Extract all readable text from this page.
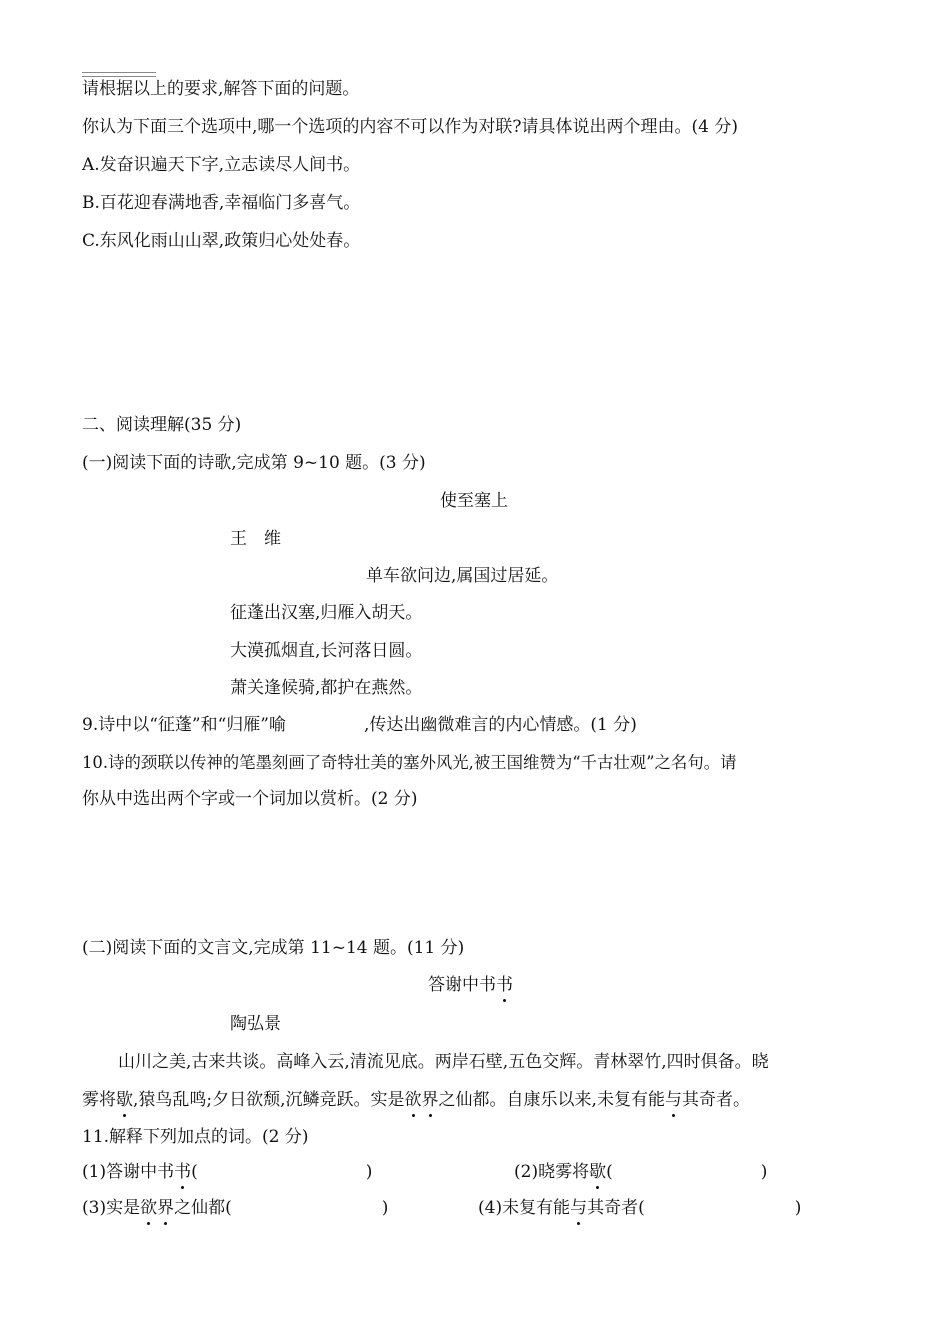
请根据以上的要求,解答下面的问题。
你认为下面三个选项中,哪一个选项的内容不可以作为对联?请具体说出两个理由。(4 分)
A.发奋识遍天下字,立志读尽人间书。
B.百花迎春满地香,幸福临门多喜气。
C.东风化雨山山翠,政策归心处处春。
二、阅读理解(35 分)
(一)阅读下面的诗歌,完成第 9~10 题。(3 分)
使至塞上
王　维
单车欲问边,属国过居延。
征蓬出汉塞,归雁入胡天。
大漠孤烟直,长河落日圆。
萧关逢候骑,都护在燕然。
9.诗中以“征蓬”和“归雁”喻	,传达出幽微难言的内心情感。(1 分)
10.诗的颈联以传神的笔墨刻画了奇特壮美的塞外风光,被王国维赞为“千古壮观”之名句。请
你从中选出两个字或一个词加以赏析。(2 分)
(二)阅读下面的文言文,完成第 11~14 题。(11 分)
答谢中书书
陶弘景
山川之美,古来共谈。高峰入云,清流见底。两岸石壁,五色交辉。青林翠竹,四时俱备。晓
雾将歇,猿鸟乱鸣;夕日欲颓,沉鳞竞跃。实是欲界之仙都。自康乐以来,未复有能与其奇者。
11.解释下列加点的词。(2 分)
(1)答谢中书书(	)	(2)晓雾将歇(	)
(3)实是欲界之仙都(	)	(4)未复有能与其奇者(	)
